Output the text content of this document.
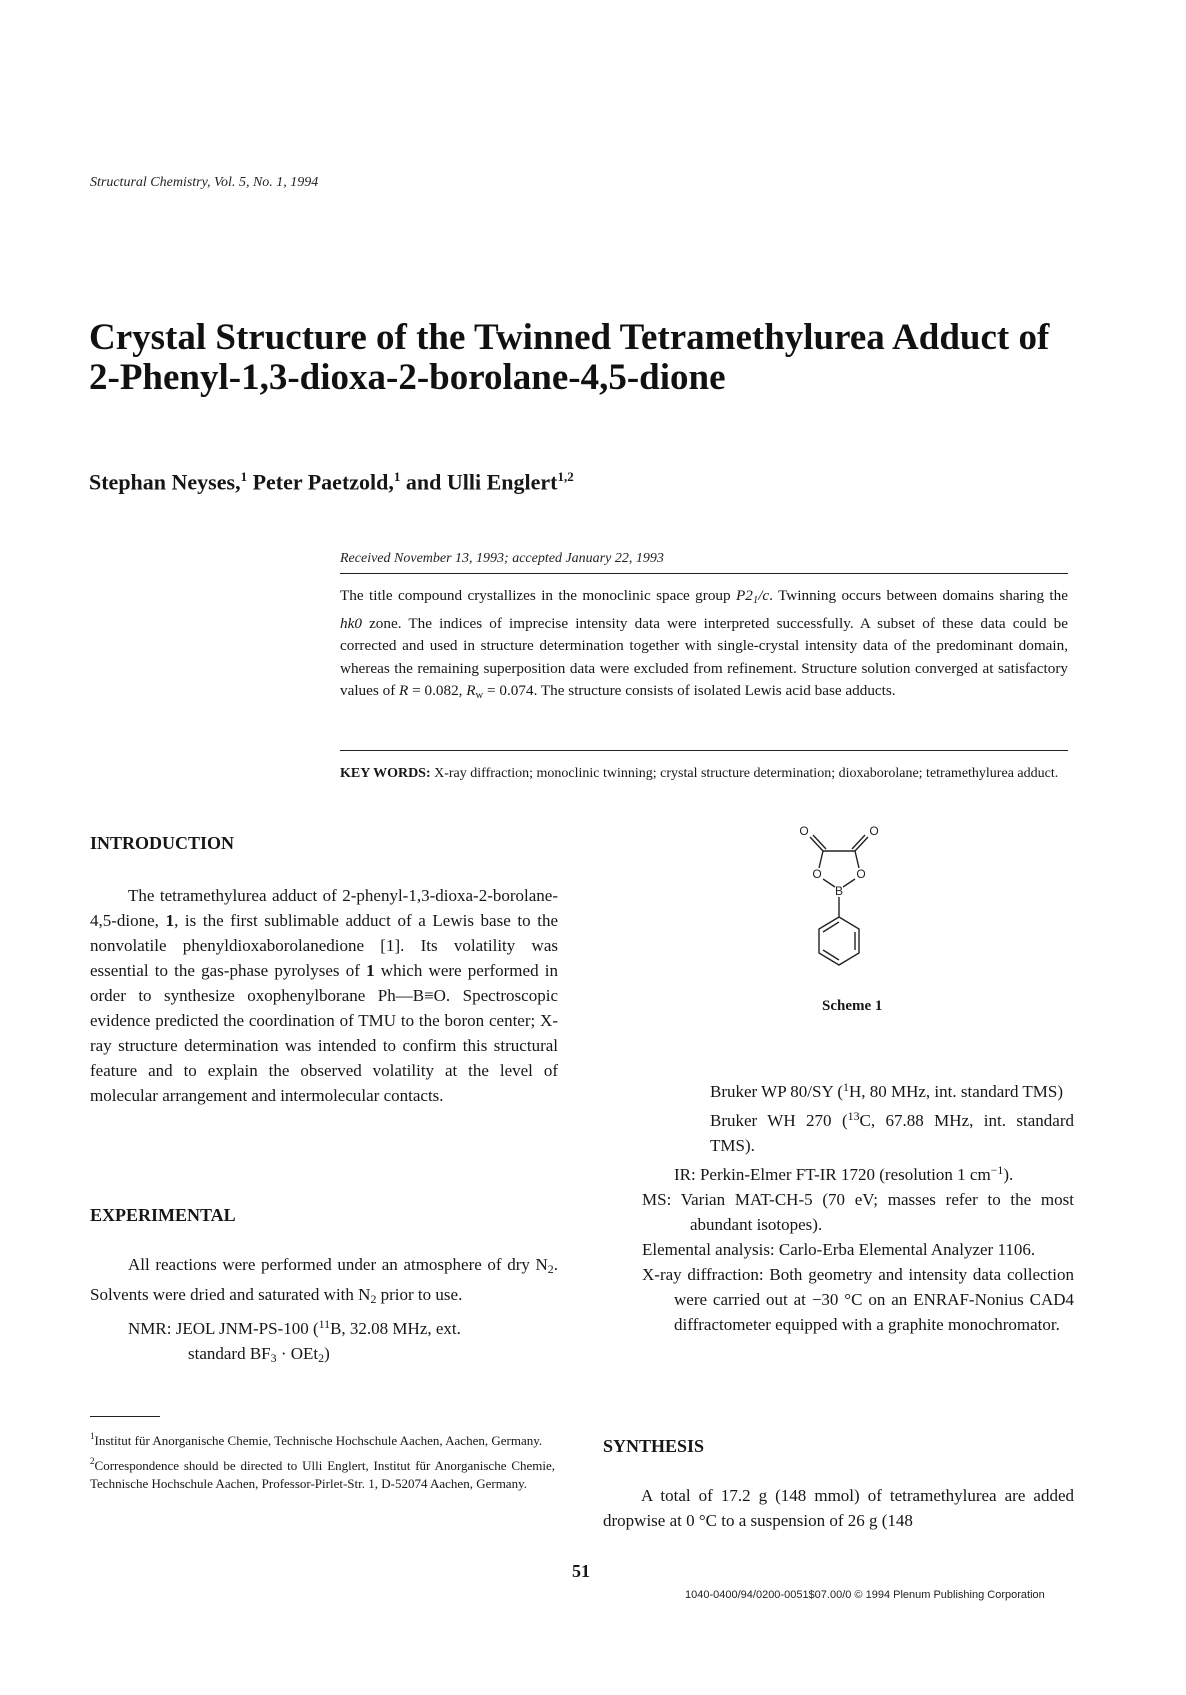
Structural Chemistry, Vol. 5, No. 1, 1994
Crystal Structure of the Twinned Tetramethylurea Adduct of
2-Phenyl-1,3-dioxa-2-borolane-4,5-dione
Stephan Neyses,$^1$ Peter Paetzold,$^1$ and Ulli Englert$^{1,2}$
Received November 13, 1993; accepted January 22, 1993
The title compound crystallizes in the monoclinic space group $P2_1/c$. Twinning occurs between domains sharing the hk0 zone. The indices of imprecise intensity data were interpreted successfully. A subset of these data could be corrected and used in structure determination together with single-crystal intensity data of the predominant domain, whereas the remaining superposition data were excluded from refinement. Structure solution converged at satisfactory values of R = 0.082, $R_w = 0.074$. The structure consists of isolated Lewis acid base adducts.
KEY WORDS: X-ray diffraction; monoclinic twinning; crystal structure determination; dioxaborolane; tetramethylurea adduct.
INTRODUCTION

The tetramethylurea adduct of 2-phenyl-1,3-dioxa-2-borolane-4,5-dione, 1, is the first sublimable adduct of a Lewis base to the nonvolatile phenyldioxaborolanedione [1]. Its volatility was essential to the gas-phase pyrolyses of 1 which were performed in order to synthesize oxophenylborane Ph—B≡O. Spectroscopic evidence predicted the coordination of TMU to the boron center; X-ray structure determination was intended to confirm this structural feature and to explain the observed volatility at the level of molecular arrangement and intermolecular contacts.

EXPERIMENTAL

All reactions were performed under an atmosphere of dry $N_2$. Solvents were dried and saturated with $N_2$ prior to use.

NMR: JEOL JNM-PS-100 ($^{11}$B, 32.08 MHz, ext.
standard $BF_3 \cdot OEt_2$)

$^1$Institut für Anorganische Chemie, Technische Hochschule Aachen, Aachen, Germany.

$^2$Correspondence should be directed to Ulli Englert, Institut für Anorganische Chemie, Technische Hochschule Aachen, Professor-Pirlet-Str. 1, D-52074 Aachen, Germany.

O	O
O	O
B
Scheme 1
Bruker WP 80/SY ($^1$H, 80 MHz, int. standard TMS)
Bruker WH 270 ($^{13}$C, 67.88 MHz, int. standard TMS).
IR: Perkin-Elmer FT-IR 1720 (resolution 1 $cm^{-1}$).
MS: Varian MAT-CH-5 (70 eV; masses refer to the most abundant isotopes).
Elemental analysis: Carlo-Erba Elemental Analyzer 1106.
X-ray diffraction: Both geometry and intensity data collection were carried out at −30 °C on an ENRAF-Nonius CAD4 diffractometer equipped with a graphite monochromator.
SYNTHESIS

A total of 17.2 g (148 mmol) of tetramethylurea are added dropwise at 0 °C to a suspension of 26 g (148

51
1040-0400/94/0200-0051$07.00/0 © 1994 Plenum Publishing Corporation
